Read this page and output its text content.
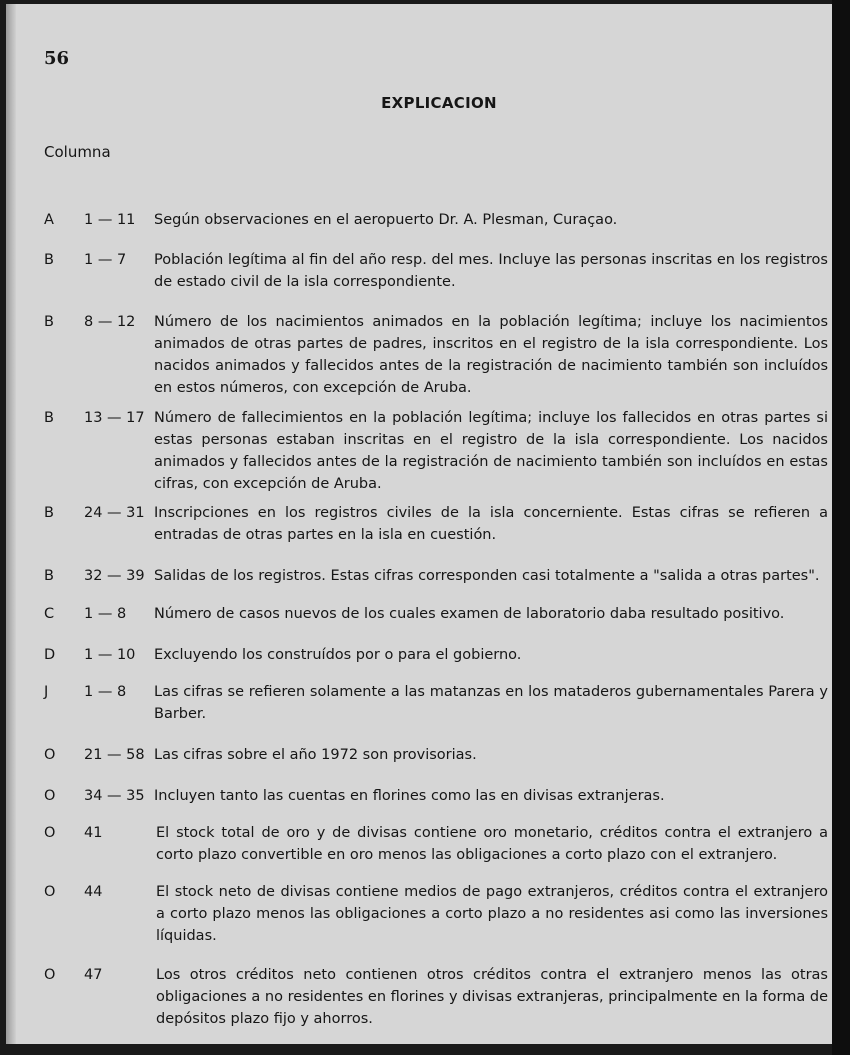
56
EXPLICACION
Columna
A	1 — 11	Según observaciones en el aeropuerto Dr. A. Plesman, Curaçao.
B	1 — 7	Población legítima al fin del año resp. del mes. Incluye las personas inscritas en los registros de estado civil de la isla correspondiente.
B	8 — 12	Número de los nacimientos animados en la población legítima; incluye los nacimientos animados de otras partes de padres, inscritos en el registro de la isla correspondiente. Los nacidos animados y fallecidos antes de la registración de nacimiento también son incluídos en estos números, con excepción de Aruba.
B	13 — 17 Número de fallecimientos en la población legítima; incluye los fallecidos en otras partes si estas personas estaban inscritas en el registro de la isla correspondiente. Los nacidos animados y fallecidos antes de la registración de nacimiento también son incluídos en estas cifras, con excepción de Aruba.
B	24 — 31 Inscripciones en los registros civiles de la isla concerniente. Estas cifras se refieren a entradas de otras partes en la isla en cuestión.
B	32 — 39 Salidas de los registros. Estas cifras corresponden casi totalmente a "salida a otras partes".
C	1 — 8	Número de casos nuevos de los cuales examen de laboratorio daba resultado positivo.
D	1 — 10	Excluyendo los construídos por o para el gobierno.
J	1 — 8	Las cifras se refieren solamente a las matanzas en los mataderos gubernamentales Parera y Barber.
O	21 — 58 Las cifras sobre el año 1972 son provisorias.
O	34 — 35 Incluyen tanto las cuentas en florines como las en divisas extranjeras.
O	41	El stock total de oro y de divisas contiene oro monetario, créditos contra el extranjero a corto plazo convertible en oro menos las obligaciones a corto plazo con el extranjero.
O	44	El stock neto de divisas contiene medios de pago extranjeros, créditos contra el extranjero a corto plazo menos las obligaciones a corto plazo a no residentes asi como las inversiones líquidas.
O	47	Los otros créditos neto contienen otros créditos contra el extranjero menos las otras obligaciones a no residentes en florines y divisas extranjeras, principalmente en la forma de depósitos plazo fijo y ahorros.
